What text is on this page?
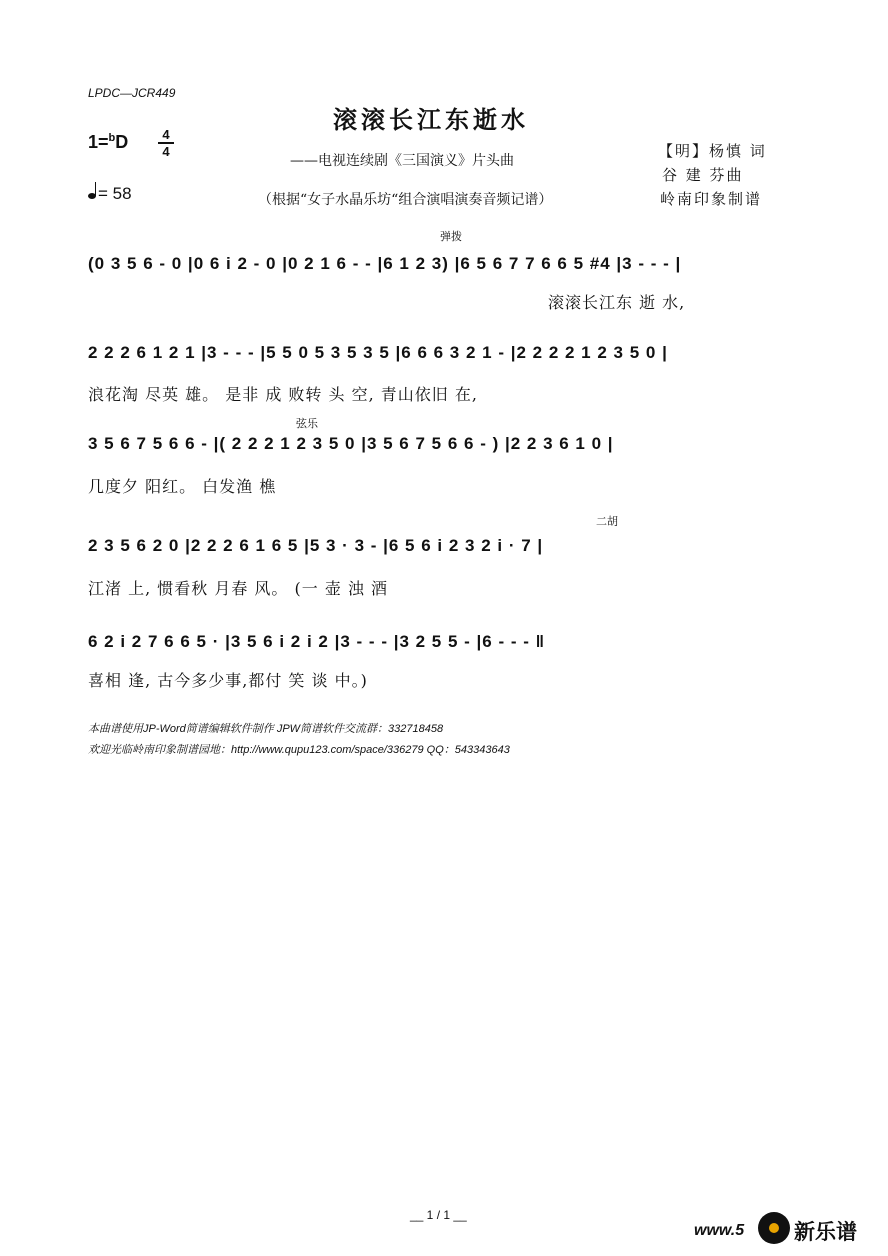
LPDC—JCR449
滚滚长江东逝水
——电视连续剧《三国演义》片头曲
【明】杨慎 词
谷 建 芬曲
（根据“女子水晶乐坊“组合演唱演奏音频记谱）	岭南印象制谱
1=$^b$D	4
4
= 58
弹拨
弦乐
二胡
(0 3 5 6 - 0 |0 6 i 2 - 0 |0 2 1 6 - - |6 1 2 3) |6 5 6 7 7 6 6 5 #4 |3 - - - |
滚滚长江东 逝 水,
2 2 2 6 1 2 1 |3 - - - |5 5 0 5 3 5 3 5 |6 6 6 3 2 1 - |2 2 2 2 1 2 3 5 0 |
浪花淘 尽英 雄。 是非 成 败转 头 空, 青山依旧 在,
3 5 6 7 5 6 6 - |( 2 2 2 1 2 3 5 0 |3 5 6 7 5 6 6 - ) |2 2 3 6 1 0 |
几度夕 阳红。 白发渔 樵
2 3 5 6 2 0 |2 2 2 6 1 6 5 |5 3 · 3 - |6 5 6 i 2 3 2 i · 7 |
江渚 上, 惯看秋 月春 风。 (一 壶 浊 酒
6 2 i 2 7 6 6 5 · |3 5 6 i 2 i 2 |3 - - - |3 2 5 5 - |6 - - - ‖
喜相 逢, 古今多少事,都付 笑 谈 中。)
本曲谱使用JP-Word简谱编辑软件制作 JPW简谱软件交流群：332718458
欢迎光临岭南印象制谱园地：http://www.qupu123.com/space/336279 QQ：543343643
__ 1 / 1 __
www.5 新乐谱
